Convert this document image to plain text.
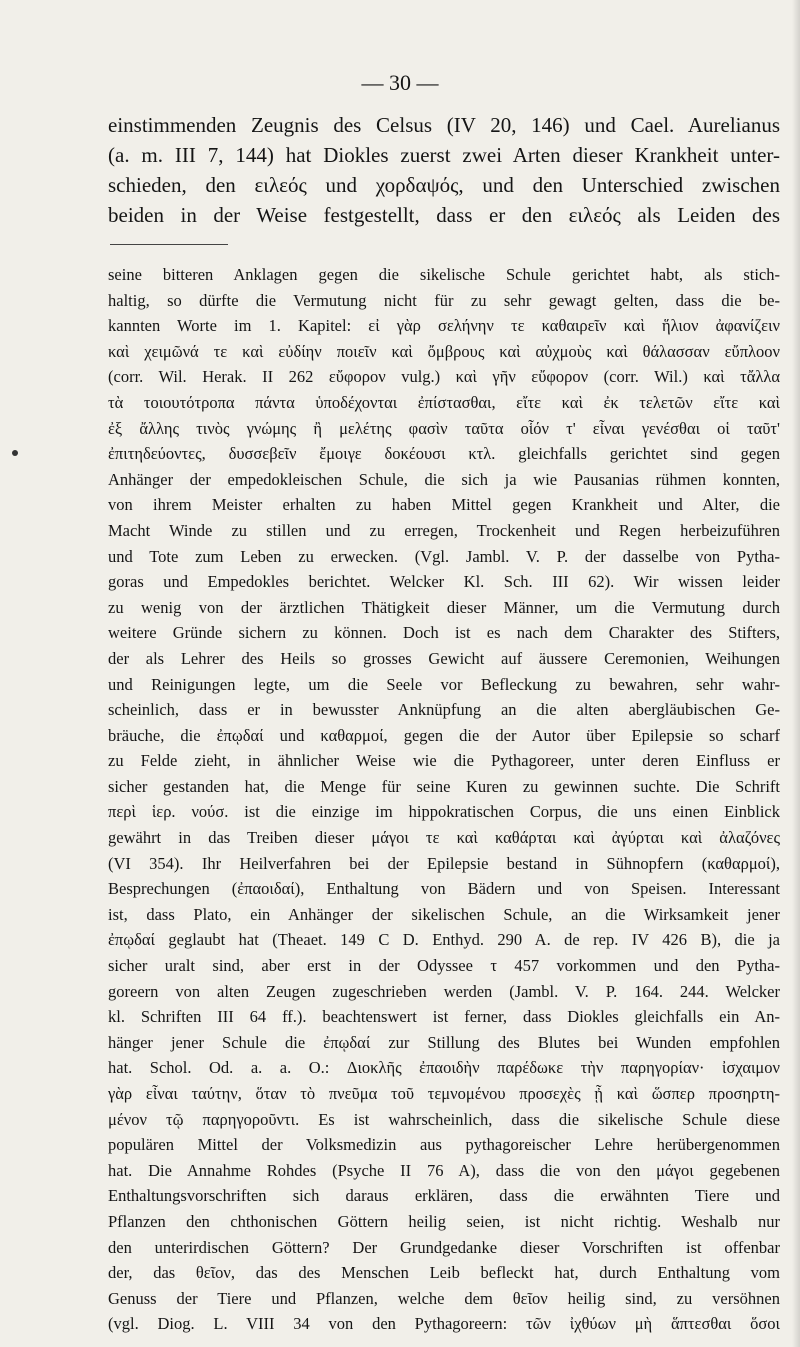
— 30 —
einstimmenden Zeugnis des Celsus (IV 20, 146) und Cael. Aurelianus
(a. m. III 7, 144) hat Diokles zuerst zwei Arten dieser Krankheit unter-
schieden, den ειλεός und χορδαψός, und den Unterschied zwischen
beiden in der Weise festgestellt, dass er den ειλεός als Leiden des
seine bitteren Anklagen gegen die sikelische Schule gerichtet habt, als stich-
haltig, so dürfte die Vermutung nicht für zu sehr gewagt gelten, dass die be-
kannten Worte im 1. Kapitel: εἰ γὰρ σελήνην τε καθαιρεῖν καὶ ἥλιον ἀφανίζειν
καὶ χειμῶνά τε καὶ εὐδίην ποιεῖν καὶ ὄμβρους καὶ αὐχμοὺς καὶ θάλασσαν εὔπλοον
(corr. Wil. Herak. II 262 εὔφορον vulg.) καὶ γῆν εὔφορον (corr. Wil.) καὶ τἄλλα
τὰ τοιουτότροπα πάντα ὑποδέχονται ἐπίστασθαι, εἴτε καὶ ἐκ τελετῶν εἴτε καὶ
ἐξ ἄλλης τινὸς γνώμης ἢ μελέτης φασὶν ταῦτα οἷόν τ' εἶναι γενέσθαι οἱ ταῦτ'
ἐπιτηδεύοντες, δυσσεβεῖν ἔμοιγε δοκέουσι κτλ. gleichfalls gerichtet sind gegen
Anhänger der empedokleischen Schule, die sich ja wie Pausanias rühmen konnten,
von ihrem Meister erhalten zu haben Mittel gegen Krankheit und Alter, die
Macht Winde zu stillen und zu erregen, Trockenheit und Regen herbeizuführen
und Tote zum Leben zu erwecken. (Vgl. Jambl. V. P. der dasselbe von Pytha-
goras und Empedokles berichtet. Welcker Kl. Sch. III 62). Wir wissen leider
zu wenig von der ärztlichen Thätigkeit dieser Männer, um die Vermutung durch
weitere Gründe sichern zu können. Doch ist es nach dem Charakter des Stifters,
der als Lehrer des Heils so grosses Gewicht auf äussere Ceremonien, Weihungen
und Reinigungen legte, um die Seele vor Befleckung zu bewahren, sehr wahr-
scheinlich, dass er in bewusster Anknüpfung an die alten abergläubischen Ge-
bräuche, die ἐπῳδαί und καθαρμοί, gegen die der Autor über Epilepsie so scharf
zu Felde zieht, in ähnlicher Weise wie die Pythagoreer, unter deren Einfluss er
sicher gestanden hat, die Menge für seine Kuren zu gewinnen suchte. Die Schrift
περὶ ἱερ. νούσ. ist die einzige im hippokratischen Corpus, die uns einen Einblick
gewährt in das Treiben dieser μάγοι τε καὶ καθάρται καὶ ἀγύρται καὶ ἀλαζόνες
(VI 354). Ihr Heilverfahren bei der Epilepsie bestand in Sühnopfern (καθαρμοί),
Besprechungen (ἐπαοιδαί), Enthaltung von Bädern und von Speisen. Interessant
ist, dass Plato, ein Anhänger der sikelischen Schule, an die Wirksamkeit jener
ἐπῳδαί geglaubt hat (Theaet. 149 C D. Enthyd. 290 A. de rep. IV 426 B), die ja
sicher uralt sind, aber erst in der Odyssee τ 457 vorkommen und den Pytha-
goreern von alten Zeugen zugeschrieben werden (Jambl. V. P. 164. 244. Welcker
kl. Schriften III 64 ff.). beachtenswert ist ferner, dass Diokles gleichfalls ein An-
hänger jener Schule die ἐπῳδαί zur Stillung des Blutes bei Wunden empfohlen
hat. Schol. Od. a. a. O.: Διοκλῆς ἐπαοιδὴν παρέδωκε τὴν παρηγορίαν· ἰσχαιμον
γὰρ εἶναι ταύτην, ὅταν τὸ πνεῦμα τοῦ τεμνομένου προσεχὲς ᾖ καὶ ὥσπερ προσηρτη-
μένον τῷ παρηγοροῦντι. Es ist wahrscheinlich, dass die sikelische Schule diese
populären Mittel der Volksmedizin aus pythagoreischer Lehre herübergenommen
hat. Die Annahme Rohdes (Psyche II 76 A), dass die von den μάγοι gegebenen
Enthaltungsvorschriften sich daraus erklären, dass die erwähnten Tiere und
Pflanzen den chthonischen Göttern heilig seien, ist nicht richtig. Weshalb nur
den unterirdischen Göttern? Der Grundgedanke dieser Vorschriften ist offenbar
der, das θεῖον, das des Menschen Leib befleckt hat, durch Enthaltung vom
Genuss der Tiere und Pflanzen, welche dem θεῖον heilig sind, zu versöhnen
(vgl. Diog. L. VIII 34 von den Pythagoreern: τῶν ἰχθύων μὴ ἅπτεσθαι ὅσοι
